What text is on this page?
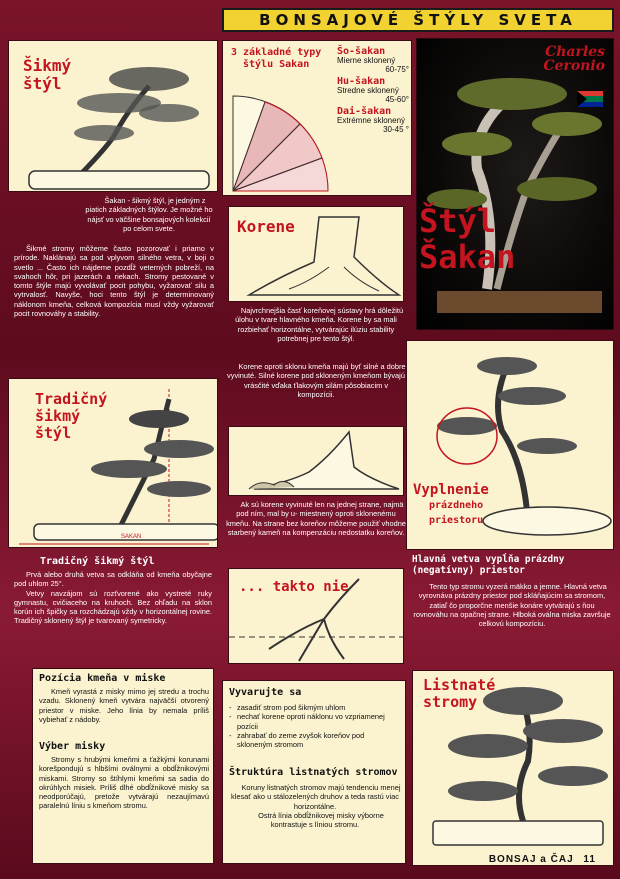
BONSAJOVÉ ŠTÝLY SVETA
Šikmý
štýl

Šakan - šikmý štýl, je jedným z piatich základných štýlov. Je možné ho nájsť vo väčšine bonsajových kolekcií po celom svete.

Šikmé stromy môžeme často pozorovať i priamo v prírode. Naklánajú sa pod vplyvom silného vetra, v boji o svetlo ... Často ich nájdeme pozdĺž veterných pobreží, na svahoch hôr, pri jazerách a riekach. Stromy pestované v tomto štýle majú vyvolávať pocit pohybu, vyžarovať silu a vytrvalosť. Navyše, hoci tento štýl je determinovaný náklonom kmeňa, celková kompozícia musí vždy vyžarovať pocit rovnováhy a stability.

Tradičný
šikmý
štýl
SAKAN
Tradičný šikmý štýl

Prvá alebo druhá vetva sa odkláňa od kmeňa obyčajne pod uhlom 25°.

Vetvy navzájom sú rozťvorené ako vystreté ruky gymnastu, cvičiaceho na kruhoch. Bez ohľadu na sklon korún ich špičky sa rozchádzajú vždy v horizontálnej rovine. Tradičný sklonený štýl je tvarovaný symetricky.

Pozícia kmeňa v miske

Kmeň vyrastá z misky mimo jej stredu a trochu vzadu. Sklonený kmeň vytvára najväčší otvorený priestor v miske. Jeho línia by nemala príliš vybiehať z nádoby.

Výber misky

Stromy s hrubými kmeňmi a ťažkými korunami korešpondujú s hlbšími oválnymi a obdĺžnikovými miskami. Stromy so štíhlymi kmeňmi sa sadia do okrúhlych misiek. Príliš dlhé obdĺžnikové misky sa neodporúčajú, pretože vytvárajú nezaujímavú paralelnú líniu s kmeňom stromu.

3 základné typy
štýlu Sakan
Šo-šakan
Mierne sklonený
60-75°
Hu-šakan
Stredne sklonený
45-60°
Dai-šakan
Extrémne sklonený
30-45 °
Korene

Najvrchnejšia časť koreňovej sústavy hrá dôležitú úlohu v tvare hlavného kmeňa. Korene by sa mali rozbiehať horizontálne, vytvárajúc ilúziu stability potrebnej pre tento štýl.

Korene oproti sklonu kmeňa majú byť silné a dobre vyvinuté. Silné korene pod skloneným kmeňom bývajú vrásčité vďaka ťlakovým silám pôsobiacim v kompozícii.

Ak sú korene vyvinuté len na jednej strane, najmä pod ním, mal by u- miestnený oproti sklonenému kmeňu. Na strane bez koreňov môžeme použiť vhodne starbený kameň na kompenzáciu nedostatku koreňov.

... takto nie
Vyvarujte sa
- zasadiť strom pod šikmým uhlom
- nechať korene oproti náklonu vo vzpriamenej pozícii
- zahrabať do zeme zvyšok koreňov pod skloneným stromom
Štruktúra listnatých stromov

Koruny listnatých stromov majú tendenciu menej klesať ako u stálozelených druhov a teda rastú viac horizontálne.

Ostrá línia obdĺžnikovej misky výborne kontrastuje s líniou stromu.

Charles
Ceronio
Štýl
Šakan
Vyplnenie
prázdneho
priestoru
Hlavná vetva vypĺňa prázdny
(negatívny) priestor

Tento typ stromu vyzerá mäkko a jemne. Hlavná vetva vyrovnáva prázdny priestor pod skláňajúcim sa stromom, zatiaľ čo proporčne menšie konáre vytvárajú s ňou rovnováhu na opačnej strane. Hlboká oválna miska završuje celkovú kompozíciu.

Listnaté
stromy
BONSAJ a ČAJ 11
